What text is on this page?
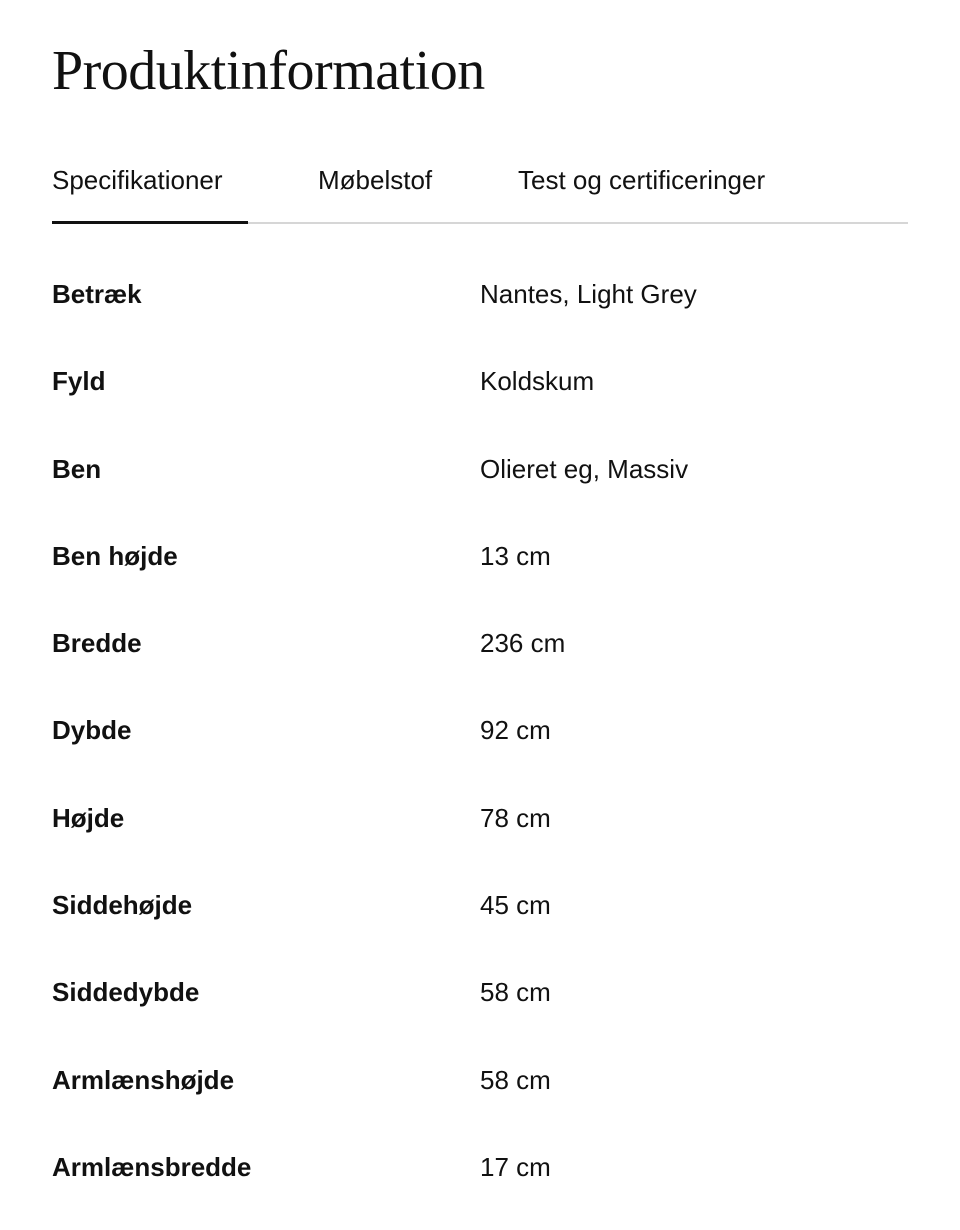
Produktinformation
Specifikationer	Møbelstof	Test og certificeringer
Betræk	Nantes, Light Grey
Fyld	Koldskum
Ben	Olieret eg, Massiv
Ben højde	13 cm
Bredde	236 cm
Dybde	92 cm
Højde	78 cm
Siddehøjde	45 cm
Siddedybde	58 cm
Armlænshøjde	58 cm
Armlænsbredde	17 cm
